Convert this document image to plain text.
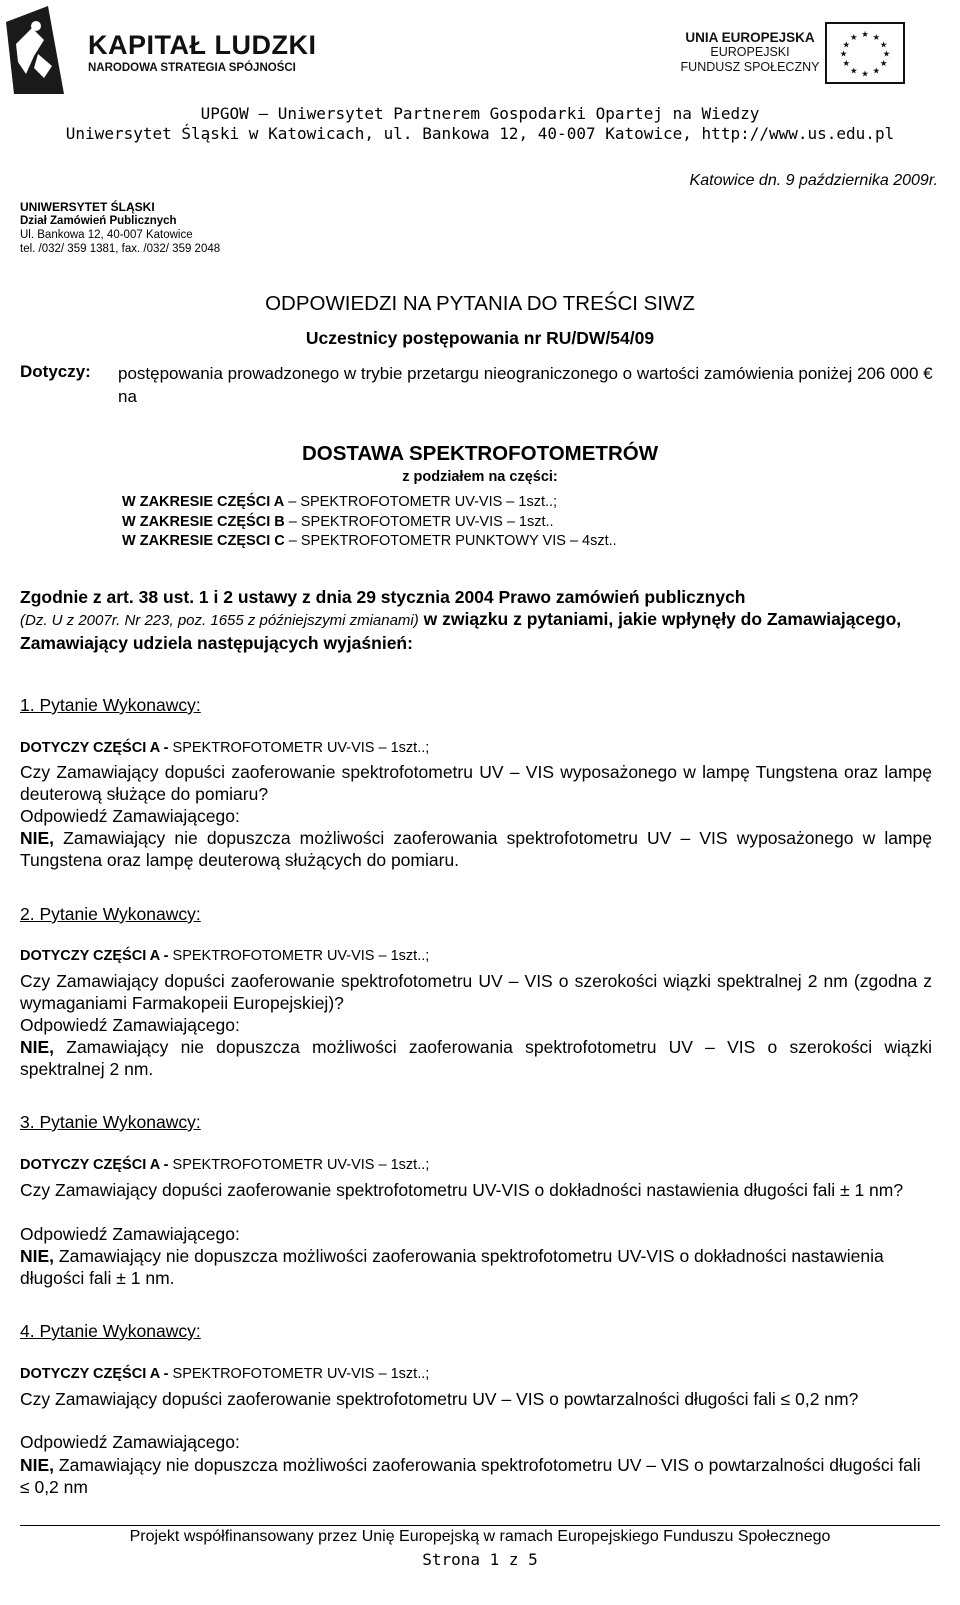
KAPITAŁ LUDZKI
NARODOWA STRATEGIA SPÓJNOŚCI
UNIA EUROPEJSKA
EUROPEJSKI
FUNDUSZ SPOŁECZNY
★ ★
★
★
★
★
★
★
★
★
★
★
UPGOW – Uniwersytet Partnerem Gospodarki Opartej na Wiedzy
Uniwersytet Śląski w Katowicach, ul. Bankowa 12, 40-007 Katowice, http://www.us.edu.pl
UNIWERSYTET ŚLĄSKI
Dział Zamówień Publicznych
Ul. Bankowa 12, 40-007 Katowice
tel. /032/ 359 1381, fax. /032/ 359 2048
Katowice dn. 9 października 2009r.
ODPOWIEDZI NA PYTANIA DO TREŚCI SIWZ
Uczestnicy postępowania nr RU/DW/54/09
Dotyczy: postępowania prowadzonego w trybie przetargu nieograniczonego o wartości zamówienia poniżej 206 000 € na
DOSTAWA SPEKTROFOTOMETRÓW
z podziałem na części:
W ZAKRESIE CZĘŚCI A – SPEKTROFOTOMETR UV-VIS – 1szt..;
W ZAKRESIE CZĘŚCI B – SPEKTROFOTOMETR UV-VIS – 1szt..
W ZAKRESIE CZĘSCI C – SPEKTROFOTOMETR PUNKTOWY VIS – 4szt..
Zgodnie z art. 38 ust. 1 i 2 ustawy z dnia 29 stycznia 2004 Prawo zamówień publicznych
(Dz. U z 2007r. Nr 223, poz. 1655 z późniejszymi zmianami) w związku z pytaniami, jakie wpłynęły do Zamawiającego, Zamawiający udziela następujących wyjaśnień:
1. Pytanie Wykonawcy:
DOTYCZY CZĘŚCI A - SPEKTROFOTOMETR UV-VIS – 1szt..;
Czy Zamawiający dopuści zaoferowanie spektrofotometru UV – VIS wyposażonego w lampę Tungstena oraz lampę deuterową służące do pomiaru?
Odpowiedź Zamawiającego:
NIE, Zamawiający nie dopuszcza możliwości zaoferowania spektrofotometru UV – VIS wyposażonego w lampę Tungstena oraz lampę deuterową służących do pomiaru.
2. Pytanie Wykonawcy:
DOTYCZY CZĘŚCI A - SPEKTROFOTOMETR UV-VIS – 1szt..;
Czy Zamawiający dopuści zaoferowanie spektrofotometru UV – VIS o szerokości wiązki spektralnej 2 nm (zgodna z wymaganiami Farmakopeii Europejskiej)?
Odpowiedź Zamawiającego:
NIE, Zamawiający nie dopuszcza możliwości zaoferowania spektrofotometru UV – VIS o szerokości wiązki spektralnej 2 nm.
3. Pytanie Wykonawcy:
DOTYCZY CZĘŚCI A - SPEKTROFOTOMETR UV-VIS – 1szt..;
Czy Zamawiający dopuści zaoferowanie spektrofotometru UV-VIS o dokładności nastawienia długości fali ± 1 nm?
Odpowiedź Zamawiającego:
NIE, Zamawiający nie dopuszcza możliwości zaoferowania spektrofotometru UV-VIS o dokładności nastawienia długości fali ± 1 nm.
4. Pytanie Wykonawcy:
DOTYCZY CZĘŚCI A - SPEKTROFOTOMETR UV-VIS – 1szt..;
Czy Zamawiający dopuści zaoferowanie spektrofotometru UV – VIS o powtarzalności długości fali ≤ 0,2 nm?
Odpowiedź Zamawiającego:
NIE, Zamawiający nie dopuszcza możliwości zaoferowania spektrofotometru UV – VIS o powtarzalności długości fali ≤ 0,2 nm
Projekt współfinansowany przez Unię Europejską w ramach Europejskiego Funduszu Społecznego
Strona 1 z 5
